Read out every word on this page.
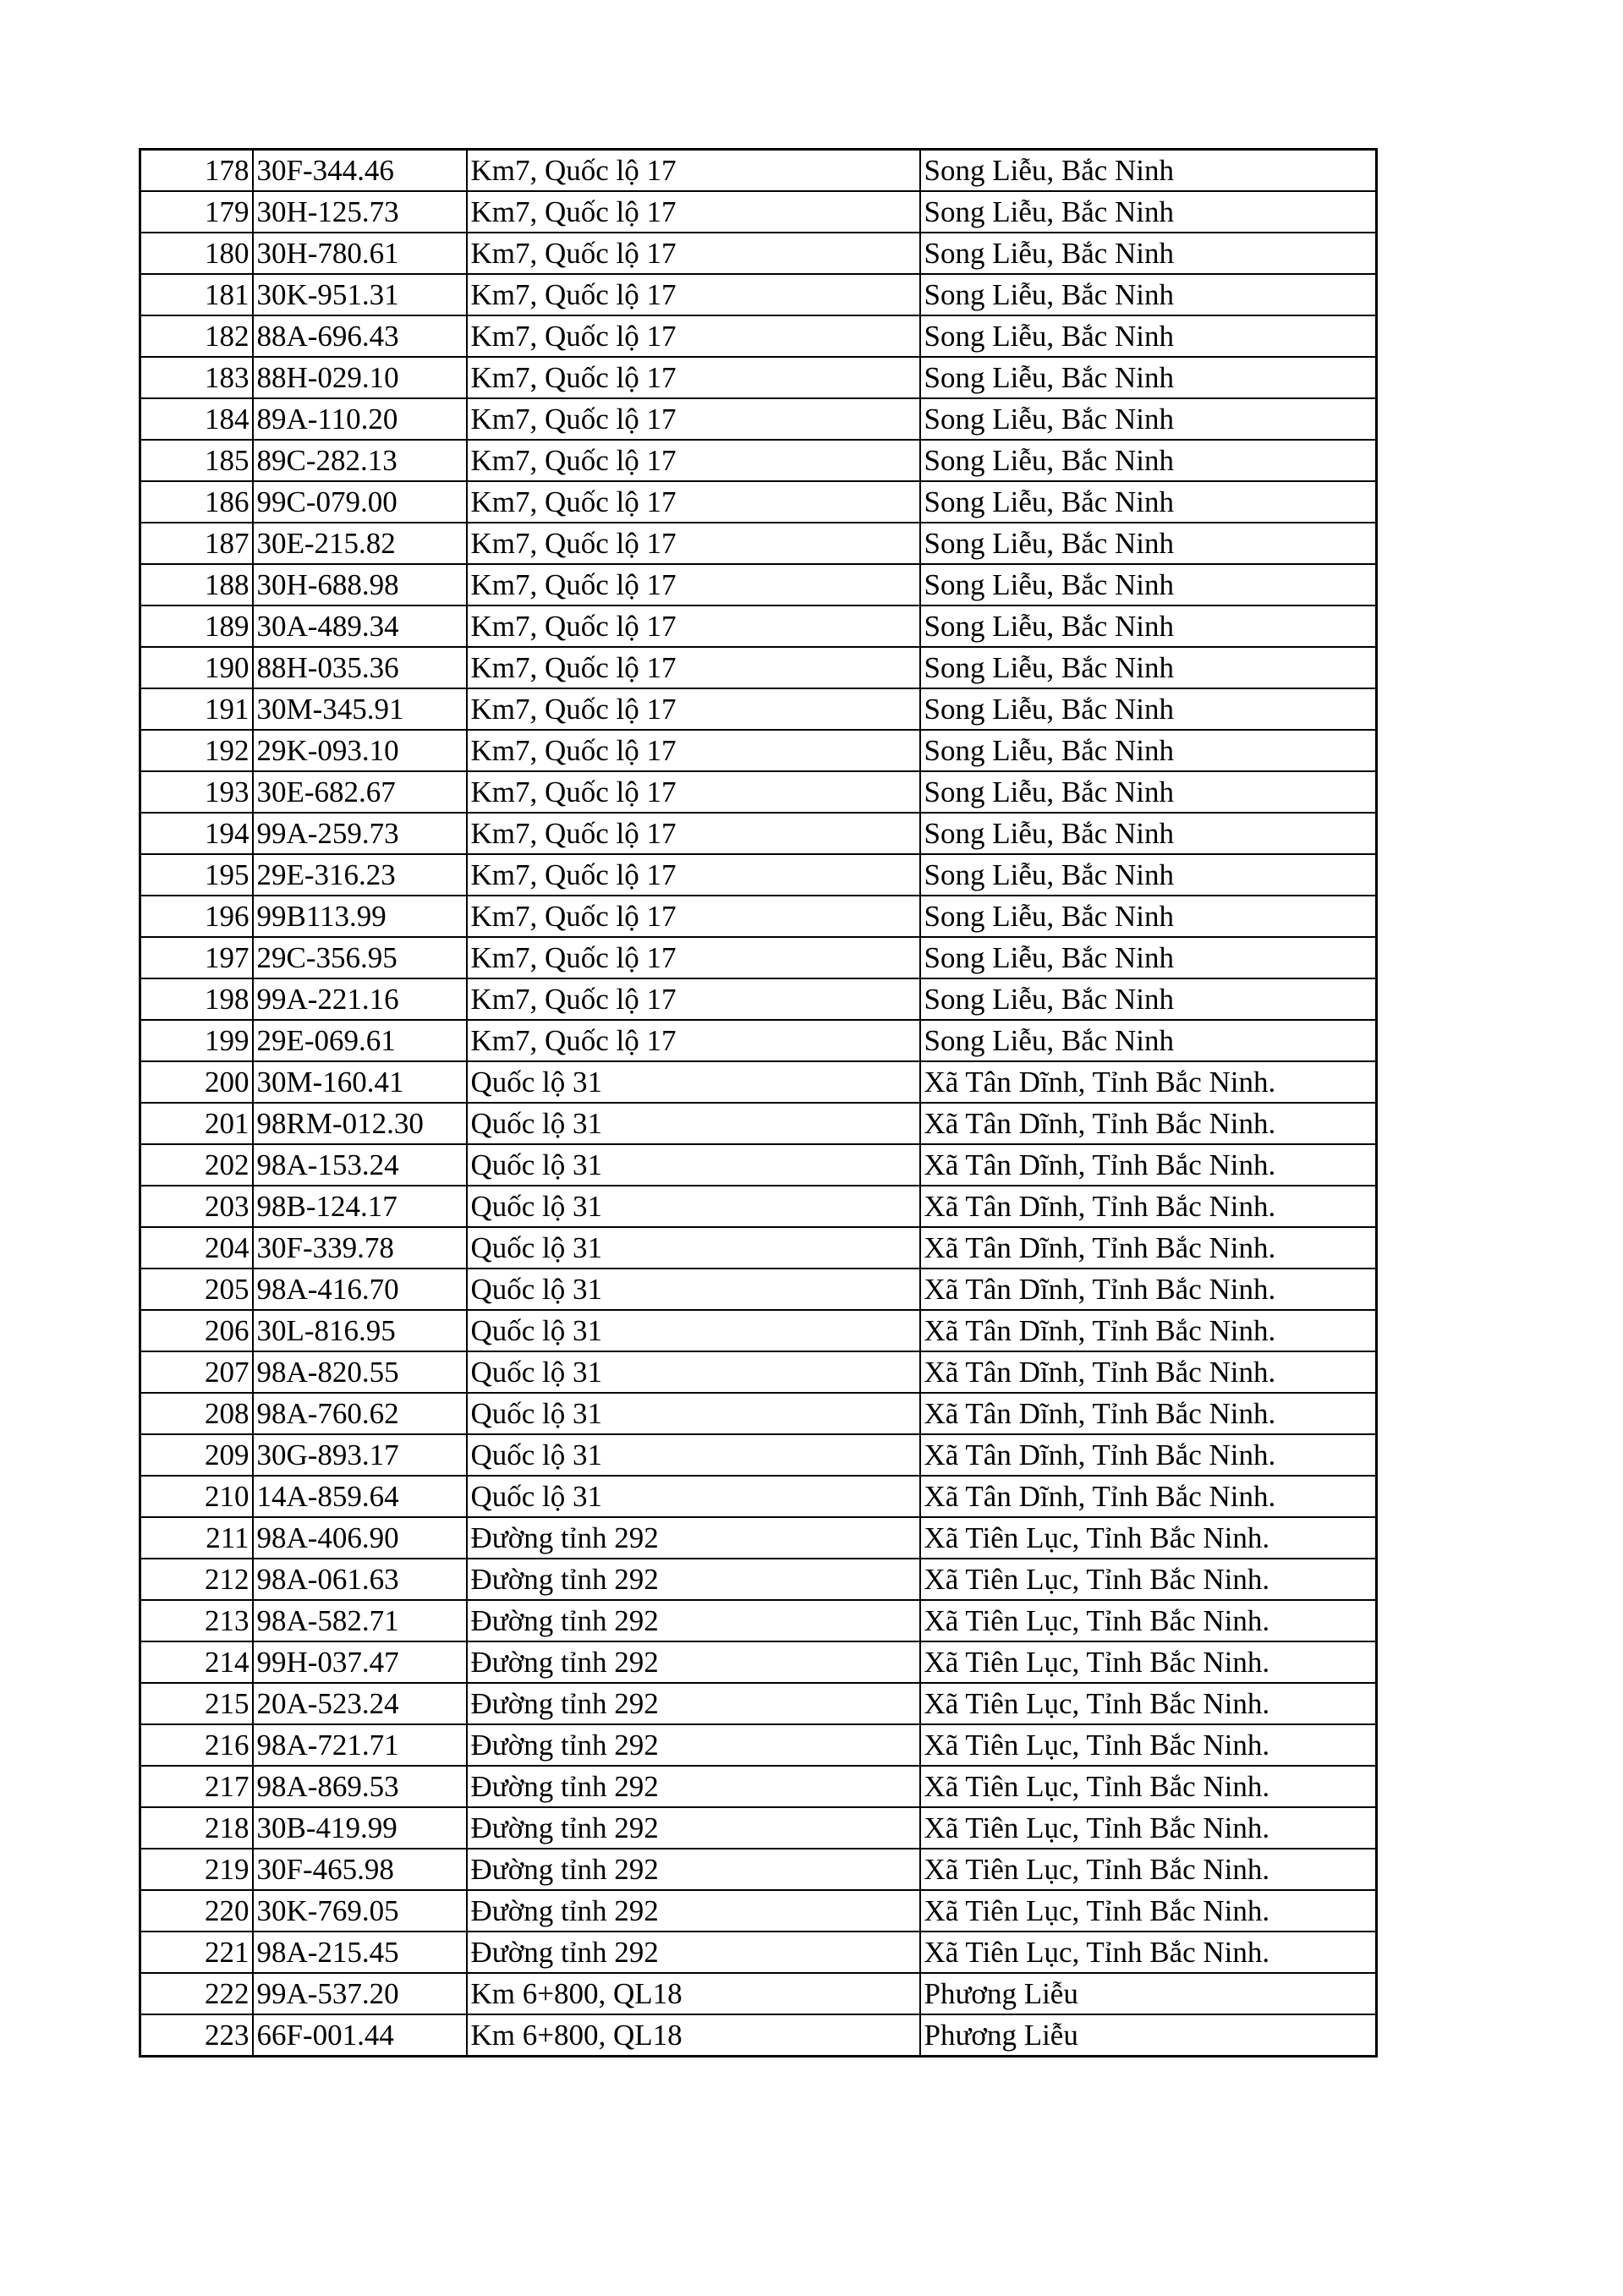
178	30F-344.46	Km7, Quốc lộ 17	Song Liễu, Bắc Ninh
179	30H-125.73	Km7, Quốc lộ 17	Song Liễu, Bắc Ninh
180	30H-780.61	Km7, Quốc lộ 17	Song Liễu, Bắc Ninh
181	30K-951.31	Km7, Quốc lộ 17	Song Liễu, Bắc Ninh
182	88A-696.43	Km7, Quốc lộ 17	Song Liễu, Bắc Ninh
183	88H-029.10	Km7, Quốc lộ 17	Song Liễu, Bắc Ninh
184	89A-110.20	Km7, Quốc lộ 17	Song Liễu, Bắc Ninh
185	89C-282.13	Km7, Quốc lộ 17	Song Liễu, Bắc Ninh
186	99C-079.00	Km7, Quốc lộ 17	Song Liễu, Bắc Ninh
187	30E-215.82	Km7, Quốc lộ 17	Song Liễu, Bắc Ninh
188	30H-688.98	Km7, Quốc lộ 17	Song Liễu, Bắc Ninh
189	30A-489.34	Km7, Quốc lộ 17	Song Liễu, Bắc Ninh
190	88H-035.36	Km7, Quốc lộ 17	Song Liễu, Bắc Ninh
191	30M-345.91	Km7, Quốc lộ 17	Song Liễu, Bắc Ninh
192	29K-093.10	Km7, Quốc lộ 17	Song Liễu, Bắc Ninh
193	30E-682.67	Km7, Quốc lộ 17	Song Liễu, Bắc Ninh
194	99A-259.73	Km7, Quốc lộ 17	Song Liễu, Bắc Ninh
195	29E-316.23	Km7, Quốc lộ 17	Song Liễu, Bắc Ninh
196	99B113.99	Km7, Quốc lộ 17	Song Liễu, Bắc Ninh
197	29C-356.95	Km7, Quốc lộ 17	Song Liễu, Bắc Ninh
198	99A-221.16	Km7, Quốc lộ 17	Song Liễu, Bắc Ninh
199	29E-069.61	Km7, Quốc lộ 17	Song Liễu, Bắc Ninh
200	30M-160.41	Quốc lộ 31	Xã Tân Dĩnh, Tỉnh Bắc Ninh.
201	98RM-012.30	Quốc lộ 31	Xã Tân Dĩnh, Tỉnh Bắc Ninh.
202	98A-153.24	Quốc lộ 31	Xã Tân Dĩnh, Tỉnh Bắc Ninh.
203	98B-124.17	Quốc lộ 31	Xã Tân Dĩnh, Tỉnh Bắc Ninh.
204	30F-339.78	Quốc lộ 31	Xã Tân Dĩnh, Tỉnh Bắc Ninh.
205	98A-416.70	Quốc lộ 31	Xã Tân Dĩnh, Tỉnh Bắc Ninh.
206	30L-816.95	Quốc lộ 31	Xã Tân Dĩnh, Tỉnh Bắc Ninh.
207	98A-820.55	Quốc lộ 31	Xã Tân Dĩnh, Tỉnh Bắc Ninh.
208	98A-760.62	Quốc lộ 31	Xã Tân Dĩnh, Tỉnh Bắc Ninh.
209	30G-893.17	Quốc lộ 31	Xã Tân Dĩnh, Tỉnh Bắc Ninh.
210	14A-859.64	Quốc lộ 31	Xã Tân Dĩnh, Tỉnh Bắc Ninh.
211	98A-406.90	Đường tỉnh 292	Xã Tiên Lục, Tỉnh Bắc Ninh.
212	98A-061.63	Đường tỉnh 292	Xã Tiên Lục, Tỉnh Bắc Ninh.
213	98A-582.71	Đường tỉnh 292	Xã Tiên Lục, Tỉnh Bắc Ninh.
214	99H-037.47	Đường tỉnh 292	Xã Tiên Lục, Tỉnh Bắc Ninh.
215	20A-523.24	Đường tỉnh 292	Xã Tiên Lục, Tỉnh Bắc Ninh.
216	98A-721.71	Đường tỉnh 292	Xã Tiên Lục, Tỉnh Bắc Ninh.
217	98A-869.53	Đường tỉnh 292	Xã Tiên Lục, Tỉnh Bắc Ninh.
218	30B-419.99	Đường tỉnh 292	Xã Tiên Lục, Tỉnh Bắc Ninh.
219	30F-465.98	Đường tỉnh 292	Xã Tiên Lục, Tỉnh Bắc Ninh.
220	30K-769.05	Đường tỉnh 292	Xã Tiên Lục, Tỉnh Bắc Ninh.
221	98A-215.45	Đường tỉnh 292	Xã Tiên Lục, Tỉnh Bắc Ninh.
222	99A-537.20	Km 6+800, QL18	Phương Liễu
223	66F-001.44	Km 6+800, QL18	Phương Liễu
